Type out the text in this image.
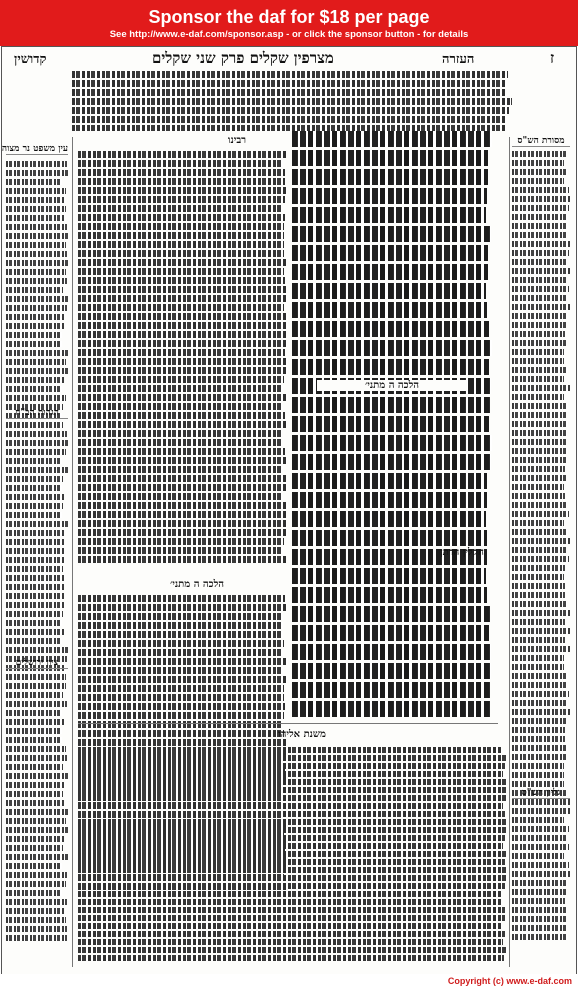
Sponsor the daf for $18 per page
See http://www.e-daf.com/sponsor.asp - or click the sponsor button - for details
קדושין	מצרפין שקלים פרק שני שקלים	העזרה	ז
רבינו
הלכה ה מתני׳
מסורת הש"ס
גליון הש"ס
עין משפט נר מצוה
הגהות הב"ח
ציון ירושלים
הלכה ה מתני׳
חקלין הדתן
משנת אליהו
Copyright (c) www.e-daf.com
